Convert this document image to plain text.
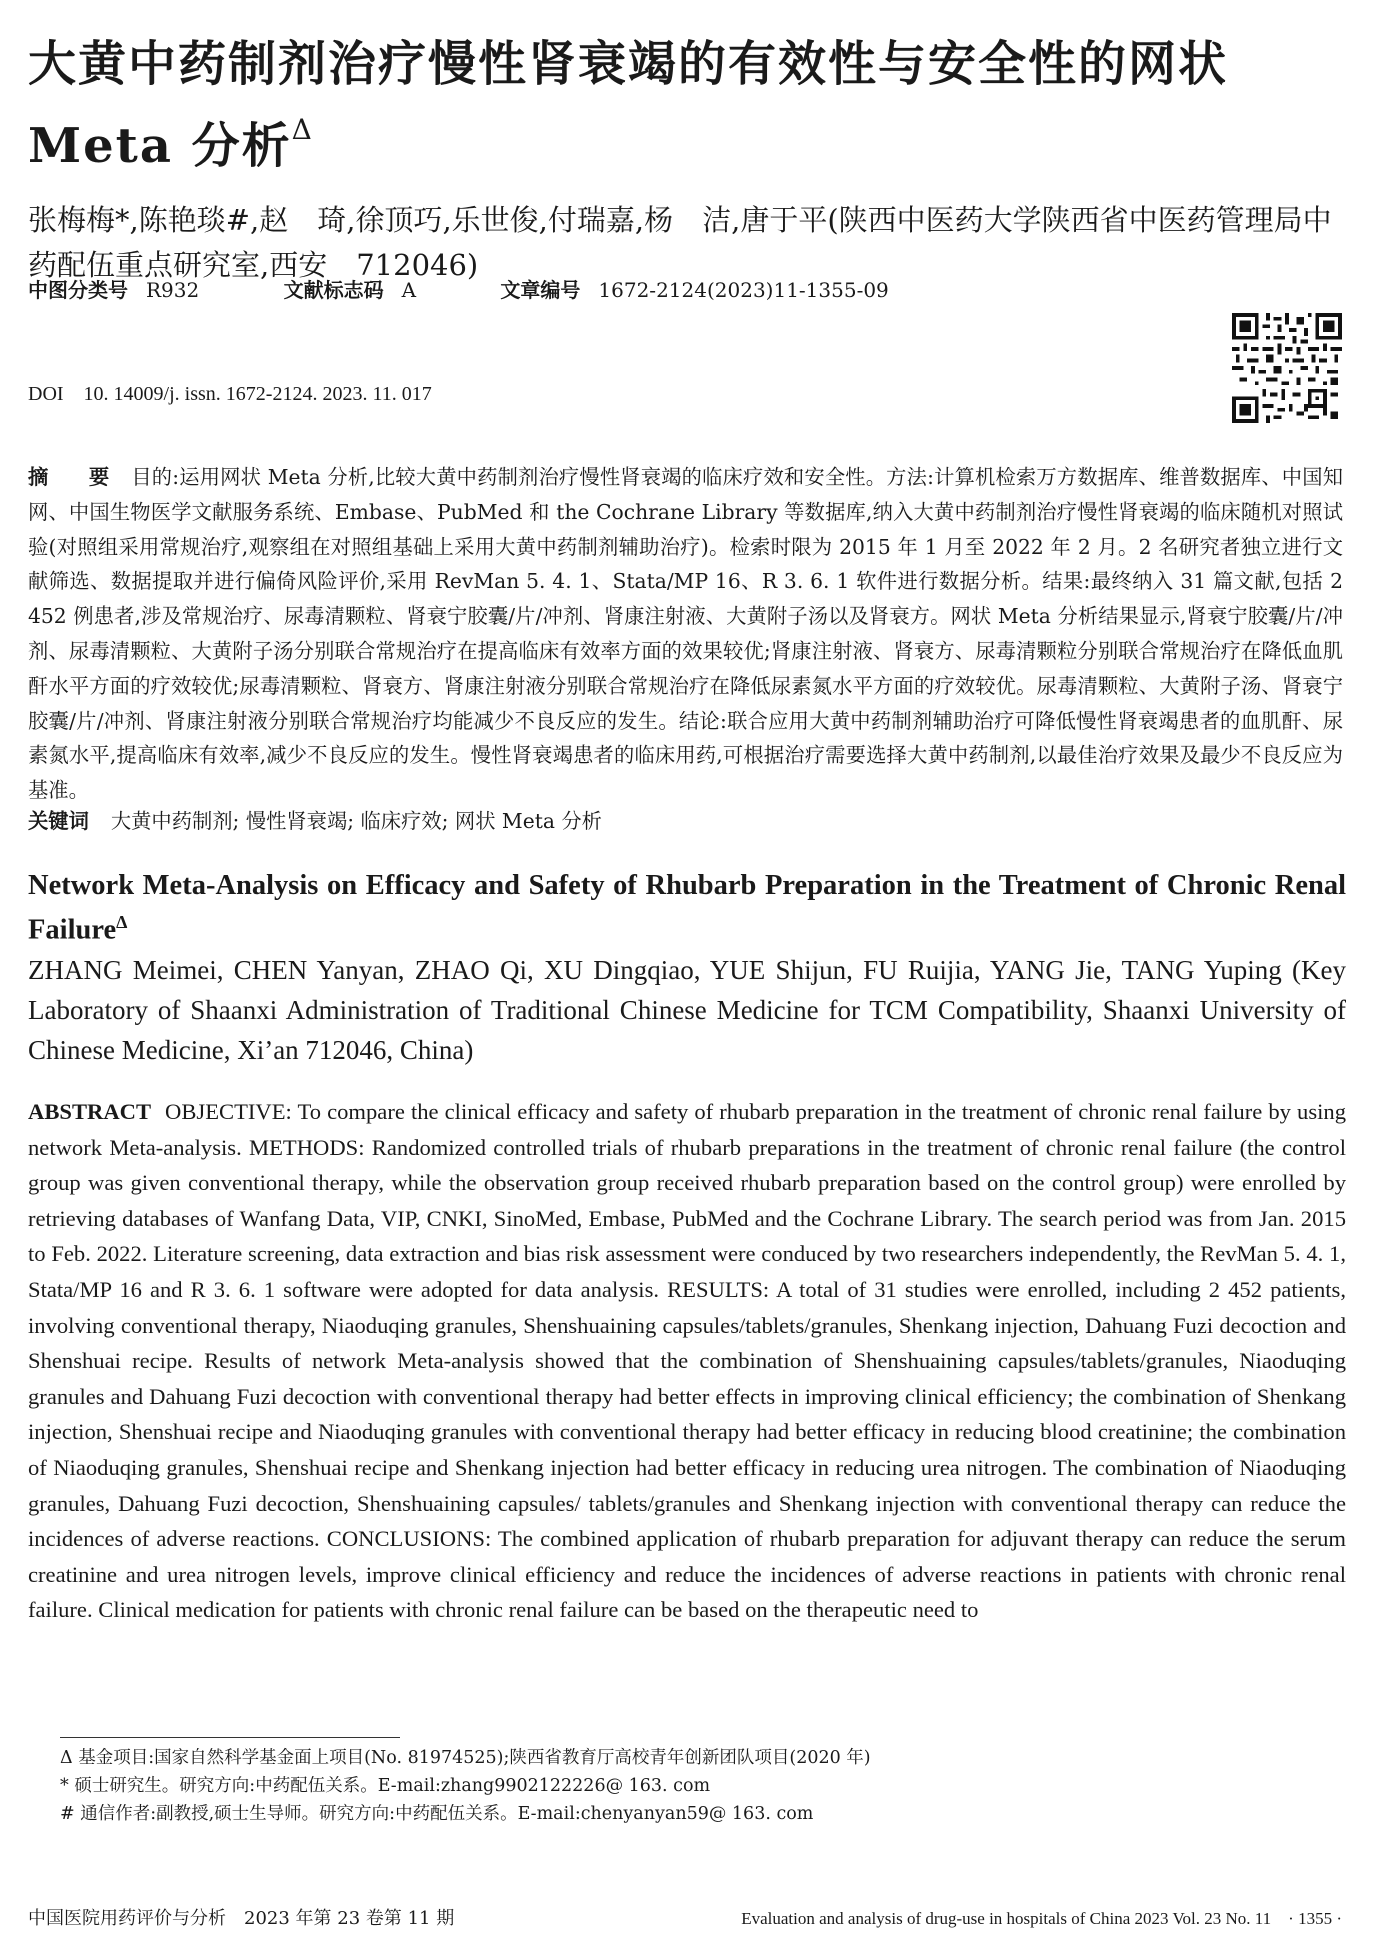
大黄中药制剂治疗慢性肾衰竭的有效性与安全性的网状 Meta 分析$^\Delta$

张梅梅*,陈艳琰#,赵　琦,徐顶巧,乐世俊,付瑞嘉,杨　洁,唐于平(陕西中医药大学陕西省中医药管理局中药配伍重点研究室,西安　712046)

中图分类号 R932	文献标志码 A	文章编号 1672-2124(2023)11-1355-09
DOI 10. 14009/j. issn. 1672-2124. 2023. 11. 017

摘　要 目的:运用网状 Meta 分析,比较大黄中药制剂治疗慢性肾衰竭的临床疗效和安全性。方法:计算机检索万方数据库、维普数据库、中国知网、中国生物医学文献服务系统、Embase、PubMed 和 the Cochrane Library 等数据库,纳入大黄中药制剂治疗慢性肾衰竭的临床随机对照试验(对照组采用常规治疗,观察组在对照组基础上采用大黄中药制剂辅助治疗)。检索时限为 2015 年 1 月至 2022 年 2 月。2 名研究者独立进行文献筛选、数据提取并进行偏倚风险评价,采用 RevMan 5. 4. 1、Stata/MP 16、R 3. 6. 1 软件进行数据分析。结果:最终纳入 31 篇文献,包括 2 452 例患者,涉及常规治疗、尿毒清颗粒、肾衰宁胶囊/片/冲剂、肾康注射液、大黄附子汤以及肾衰方。网状 Meta 分析结果显示,肾衰宁胶囊/片/冲剂、尿毒清颗粒、大黄附子汤分别联合常规治疗在提高临床有效率方面的效果较优;肾康注射液、肾衰方、尿毒清颗粒分别联合常规治疗在降低血肌酐水平方面的疗效较优;尿毒清颗粒、肾衰方、肾康注射液分别联合常规治疗在降低尿素氮水平方面的疗效较优。尿毒清颗粒、大黄附子汤、肾衰宁胶囊/片/冲剂、肾康注射液分别联合常规治疗均能减少不良反应的发生。结论:联合应用大黄中药制剂辅助治疗可降低慢性肾衰竭患者的血肌酐、尿素氮水平,提高临床有效率,减少不良反应的发生。慢性肾衰竭患者的临床用药,可根据治疗需要选择大黄中药制剂,以最佳治疗效果及最少不良反应为基准。

关键词 大黄中药制剂; 慢性肾衰竭; 临床疗效; 网状 Meta 分析
Network Meta-Analysis on Efficacy and Safety of Rhubarb Preparation in the Treatment of Chronic Renal Failure$^\Delta$

ZHANG Meimei, CHEN Yanyan, ZHAO Qi, XU Dingqiao, YUE Shijun, FU Ruijia, YANG Jie, TANG Yuping (Key Laboratory of Shaanxi Administration of Traditional Chinese Medicine for TCM Compatibility, Shaanxi University of Chinese Medicine, Xi’an 712046, China)

ABSTRACT OBJECTIVE: To compare the clinical efficacy and safety of rhubarb preparation in the treatment of chronic renal failure by using network Meta-analysis. METHODS: Randomized controlled trials of rhubarb preparations in the treatment of chronic renal failure (the control group was given conventional therapy, while the observation group received rhubarb preparation based on the control group) were enrolled by retrieving databases of Wanfang Data, VIP, CNKI, SinoMed, Embase, PubMed and the Cochrane Library. The search period was from Jan. 2015 to Feb. 2022. Literature screening, data extraction and bias risk assessment were conduced by two researchers independently, the RevMan 5. 4. 1, Stata/MP 16 and R 3. 6. 1 software were adopted for data analysis. RESULTS: A total of 31 studies were enrolled, including 2 452 patients, involving conventional therapy, Niaoduqing granules, Shenshuaining capsules/tablets/granules, Shenkang injection, Dahuang Fuzi decoction and Shenshuai recipe. Results of network Meta-analysis showed that the combination of Shenshuaining capsules/tablets/granules, Niaoduqing granules and Dahuang Fuzi decoction with conventional therapy had better effects in improving clinical efficiency; the combination of Shenkang injection, Shenshuai recipe and Niaoduqing granules with conventional therapy had better efficacy in reducing blood creatinine; the combination of Niaoduqing granules, Shenshuai recipe and Shenkang injection had better efficacy in reducing urea nitrogen. The combination of Niaoduqing granules, Dahuang Fuzi decoction, Shenshuaining capsules/ tablets/granules and Shenkang injection with conventional therapy can reduce the incidences of adverse reactions. CONCLUSIONS: The combined application of rhubarb preparation for adjuvant therapy can reduce the serum creatinine and urea nitrogen levels, improve clinical efficiency and reduce the incidences of adverse reactions in patients with chronic renal failure. Clinical medication for patients with chronic renal failure can be based on the therapeutic need to

Δ 基金项目:国家自然科学基金面上项目(No. 81974525);陕西省教育厅高校青年创新团队项目(2020 年)
* 硕士研究生。研究方向:中药配伍关系。E-mail:zhang9902122226@ 163. com
# 通信作者:副教授,硕士生导师。研究方向:中药配伍关系。E-mail:chenyanyan59@ 163. com
中国医院用药评价与分析　2023 年第 23 卷第 11 期	Evaluation and analysis of drug-use in hospitals of China 2023 Vol. 23 No. 11　· 1355 ·
